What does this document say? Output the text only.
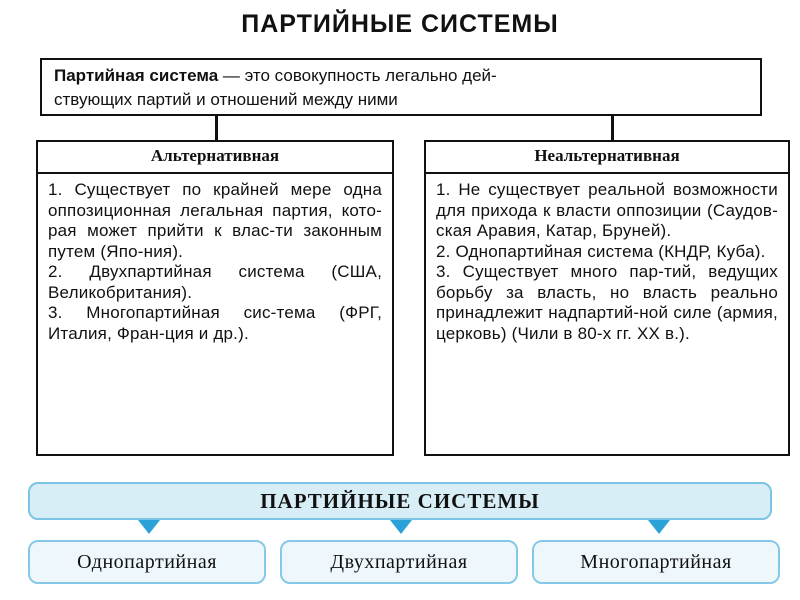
ПАРТИЙНЫЕ СИСТЕМЫ
Партийная система — это совокупность легально дей-
ствующих партий и отношений между ними
Альтернативная

1. Существует по крайней мере одна оппозиционная легальная партия, кото-рая может прийти к влас-ти законным путем (Япо-ния).

2. Двухпартийная система (США, Великобритания).

3. Многопартийная сис-тема (ФРГ, Италия, Фран-ция и др.).

Неальтернативная

1. Не существует реальной возможности для прихода к власти оппозиции (Саудов-ская Аравия, Катар, Бруней).

2. Однопартийная система (КНДР, Куба).

3. Существует много пар-тий, ведущих борьбу за власть, но власть реально принадлежит надпартий-ной силе (армия, церковь) (Чили в 80-х гг. XX в.).

ПАРТИЙНЫЕ СИСТЕМЫ
Однопартийная	Двухпартийная	Многопартийная
